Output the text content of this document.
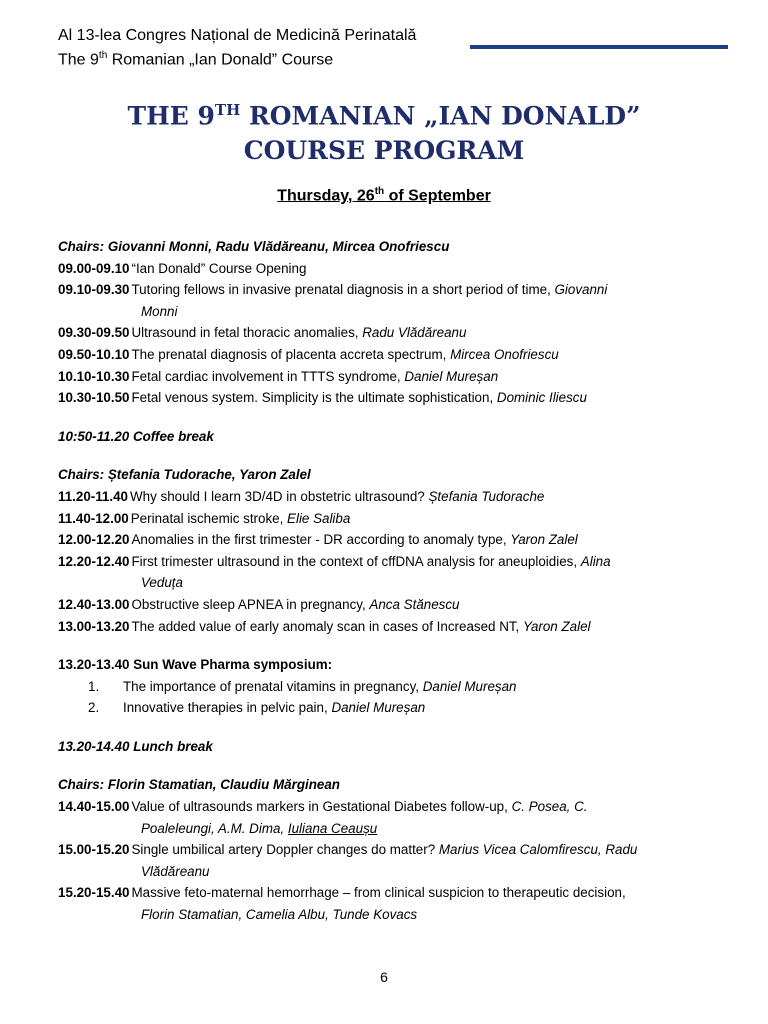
Al 13-lea Congres Național de Medicină Perinatală
The 9th Romanian „Ian Donald” Course
THE 9TH ROMANIAN „IAN DONALD”
COURSE PROGRAM
Thursday, 26th of September
Chairs: Giovanni Monni, Radu Vlădăreanu, Mircea Onofriescu
09.00-09.10 “Ian Donald” Course Opening
09.10-09.30 Tutoring fellows in invasive prenatal diagnosis in a short period of time, Giovanni
Monni
09.30-09.50 Ultrasound in fetal thoracic anomalies, Radu Vlădăreanu
09.50-10.10 The prenatal diagnosis of placenta accreta spectrum, Mircea Onofriescu
10.10-10.30 Fetal cardiac involvement in TTTS syndrome, Daniel Mureșan
10.30-10.50 Fetal venous system. Simplicity is the ultimate sophistication, Dominic Iliescu
10:50-11.20 Coffee break
Chairs: Ștefania Tudorache, Yaron Zalel
11.20-11.40 Why should I learn 3D/4D in obstetric ultrasound? Ștefania Tudorache
11.40-12.00 Perinatal ischemic stroke, Elie Saliba
12.00-12.20 Anomalies in the first trimester - DR according to anomaly type, Yaron Zalel
12.20-12.40 First trimester ultrasound in the context of cffDNA analysis for aneuploidies, Alina
Veduța
12.40-13.00 Obstructive sleep APNEA in pregnancy, Anca Stănescu
13.00-13.20 The added value of early anomaly scan in cases of Increased NT, Yaron Zalel
13.20-13.40 Sun Wave Pharma symposium:
1.	The importance of prenatal vitamins in pregnancy, Daniel Mureșan
2.	Innovative therapies in pelvic pain, Daniel Mureșan
13.20-14.40 Lunch break
Chairs: Florin Stamatian, Claudiu Mărginean
14.40-15.00 Value of ultrasounds markers in Gestational Diabetes follow-up, C. Posea, C.
Poaleleungi, A.M. Dima, Iuliana Ceaușu
15.00-15.20 Single umbilical artery Doppler changes do matter? Marius Vicea Calomfirescu, Radu
Vlădăreanu
15.20-15.40 Massive feto-maternal hemorrhage – from clinical suspicion to therapeutic decision,
Florin Stamatian, Camelia Albu, Tunde Kovacs
6
